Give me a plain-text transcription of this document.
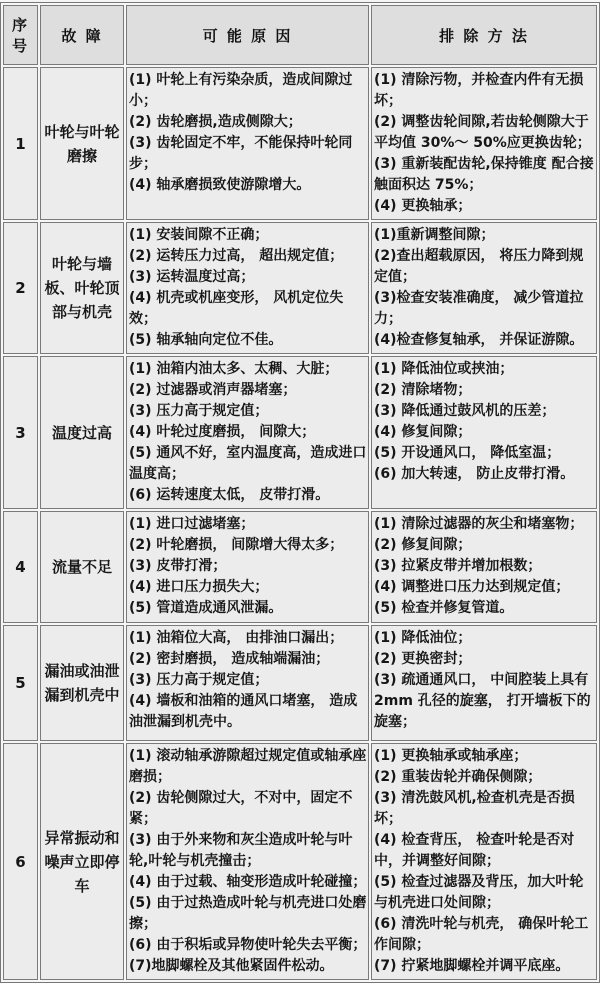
序号	故 障	可 能 原 因	排 除 方 法
1	叶轮与叶轮磨擦	
(1) 叶轮上有污染杂质，造成间隙过小；
(2) 齿轮磨损,造成侧隙大；
(3) 齿轮固定不牢，不能保持叶轮同步；
(4) 轴承磨损致使游隙增大。

(1) 清除污物，并检查内件有无损坏；
(2) 调整齿轮间隙,若齿轮侧隙大于平均值 30%～ 50%应更换齿轮；
(3) 重新装配齿轮,保持锥度 配合接触面积达 75%；
(4) 更换轴承；

2	叶轮与墙板、叶轮顶部与机壳	
(1) 安装间隙不正确；
(2) 运转压力过高， 超出规定值；
(3) 运转温度过高；
(4) 机壳或机座变形， 风机定位失效；
(5) 轴承轴向定位不佳。

(1)重新调整间隙；
(2)查出超载原因， 将压力降到规定值；
(3)检查安装准确度， 减少管道拉力；
(4)检查修复轴承， 并保证游隙。

3	温度过高	
(1) 油箱内油太多、太稠、大脏；
(2) 过滤器或消声器堵塞；
(3) 压力高于规定值；
(4) 叶轮过度磨损， 间隙大；
(5) 通风不好，室内温度高，造成进口温度高；
(6) 运转速度太低， 皮带打滑。

(1) 降低油位或挟油；
(2) 清除堵物；
(3) 降低通过鼓风机的压差；
(4) 修复间隙；
(5) 开设通风口， 降低室温；
(6) 加大转速， 防止皮带打滑。

4	流量不足	
(1) 进口过滤堵塞；
(2) 叶轮磨损， 间隙增大得太多；
(3) 皮带打滑；
(4) 进口压力损失大；
(5) 管道造成通风泄漏。

(1) 清除过滤器的灰尘和堵塞物；
(2) 修复间隙；
(3) 拉紧皮带并增加根数；
(4) 调整进口压力达到规定值；
(5) 检查并修复管道。

5	漏油或油泄漏到机壳中	
(1) 油箱位大高， 由排油口漏出；
(2) 密封磨损， 造成轴端漏油；
(3) 压力高于规定值；
(4) 墙板和油箱的通风口堵塞， 造成油泄漏到机壳中。

(1) 降低油位；
(2) 更换密封；
(3) 疏通通风口， 中间腔装上具有 2mm 孔径的旋塞， 打开墙板下的旋塞；

6	异常振动和噪声立即停车	
(1) 滚动轴承游隙超过规定值或轴承座磨损；
(2) 齿轮侧隙过大，不对中，固定不紧；
(3) 由于外来物和灰尘造成叶轮与叶轮,叶轮与机壳撞击；
(4) 由于过载、轴变形造成叶轮碰撞；
(5) 由于过热造成叶轮与机壳进口处磨擦；
(6) 由于积垢或异物使叶轮失去平衡；
(7)地脚螺栓及其他紧固件松动。

(1) 更换轴承或轴承座；
(2) 重装齿轮并确保侧隙；
(3) 清洗鼓风机,检查机壳是否损坏；
(4) 检查背压， 检查叶轮是否对中，并调整好间隙；
(5) 检查过滤器及背压，加大叶轮与机壳进口处间隙；
(6) 清洗叶轮与机壳， 确保叶轮工作间隙；
(7) 拧紧地脚螺栓并调平底座。
